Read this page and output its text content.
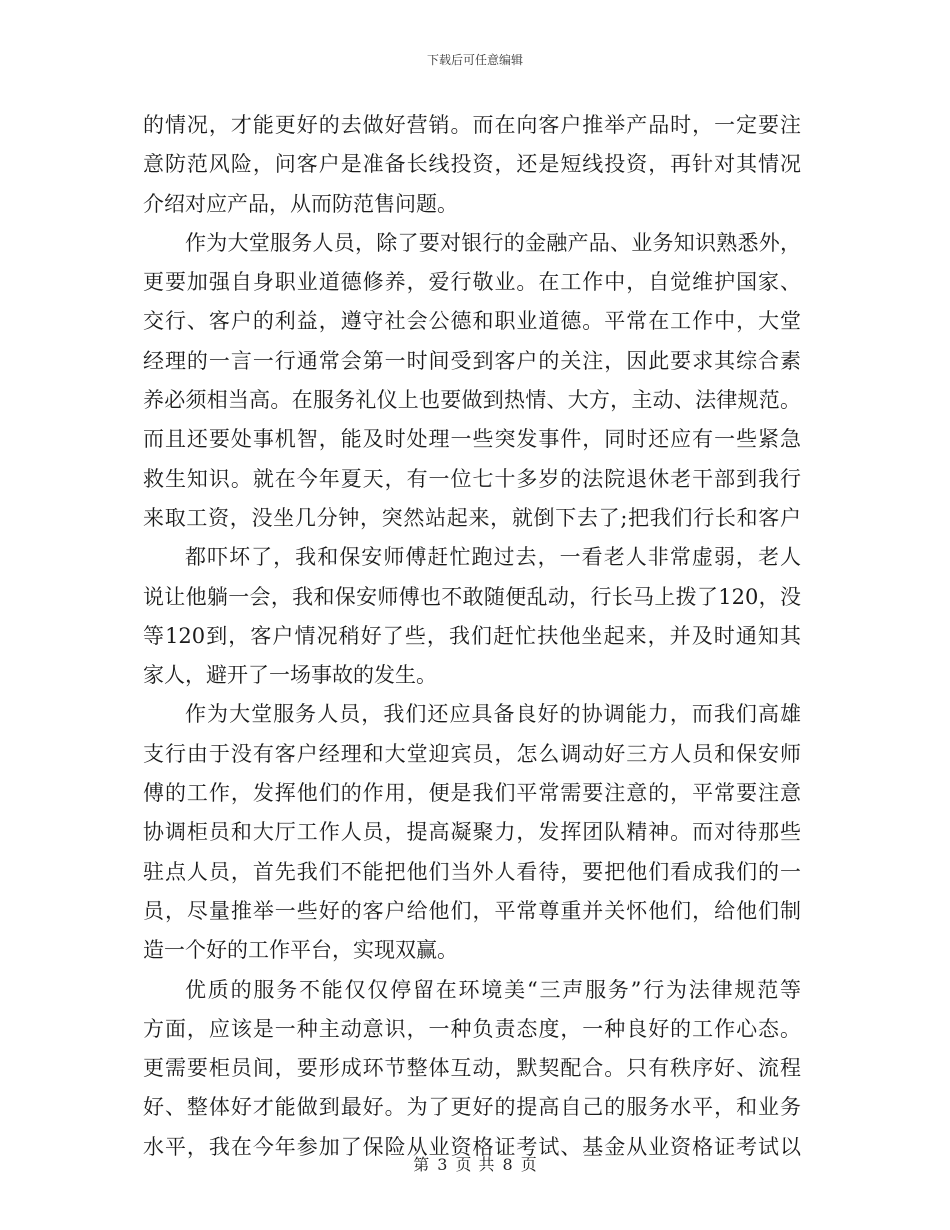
下载后可任意编辑
的情况，才能更好的去做好营销。而在向客户推举产品时，一定要注
意防范风险，问客户是准备长线投资，还是短线投资，再针对其情况
介绍对应产品，从而防范售问题。
作为大堂服务人员，除了要对银行的金融产品、业务知识熟悉外，
更要加强自身职业道德修养，爱行敬业。在工作中，自觉维护国家、
交行、客户的利益，遵守社会公德和职业道德。平常在工作中，大堂
经理的一言一行通常会第一时间受到客户的关注，因此要求其综合素
养必须相当高。在服务礼仪上也要做到热情、大方，主动、法律规范。
而且还要处事机智，能及时处理一些突发事件，同时还应有一些紧急
救生知识。就在今年夏天，有一位七十多岁的法院退休老干部到我行
来取工资，没坐几分钟，突然站起来，就倒下去了;把我们行长和客户
都吓坏了，我和保安师傅赶忙跑过去，一看老人非常虚弱，老人
说让他躺一会，我和保安师傅也不敢随便乱动，行长马上拨了120，没
等120到，客户情况稍好了些，我们赶忙扶他坐起来，并及时通知其
家人，避开了一场事故的发生。
作为大堂服务人员，我们还应具备良好的协调能力，而我们高雄
支行由于没有客户经理和大堂迎宾员，怎么调动好三方人员和保安师
傅的工作，发挥他们的作用，便是我们平常需要注意的，平常要注意
协调柜员和大厅工作人员，提高凝聚力，发挥团队精神。而对待那些
驻点人员，首先我们不能把他们当外人看待，要把他们看成我们的一
员，尽量推举一些好的客户给他们，平常尊重并关怀他们，给他们制
造一个好的工作平台，实现双赢。
优质的服务不能仅仅停留在环境美“三声服务”行为法律规范等
方面，应该是一种主动意识，一种负责态度，一种良好的工作心态。
更需要柜员间，要形成环节整体互动，默契配合。只有秩序好、流程
好、整体好才能做到最好。为了更好的提高自己的服务水平，和业务
水平，我在今年参加了保险从业资格证考试、基金从业资格证考试以
第 3 页 共 8 页
